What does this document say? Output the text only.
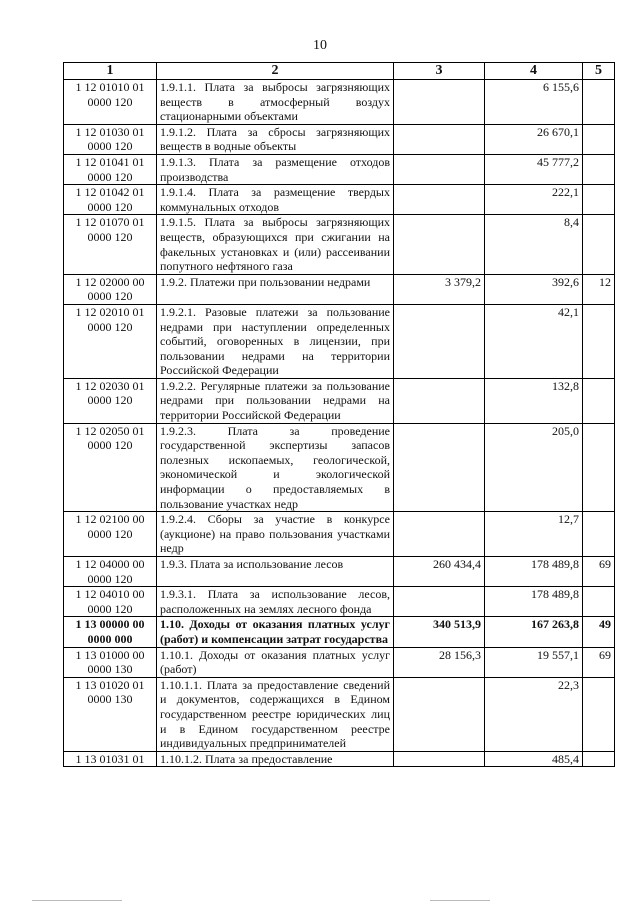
10
1	2	3	4	5

1 12 01010 01
0000 120	1.9.1.1. Плата за выбросы загрязняющих веществ в атмосферный воздух стационарными объектами		6 155,6	

1 12 01030 01
0000 120	1.9.1.2. Плата за сбросы загрязняющих веществ в водные объекты		26 670,1	

1 12 01041 01
0000 120	1.9.1.3. Плата за размещение отходов производства		45 777,2	

1 12 01042 01
0000 120	1.9.1.4. Плата за размещение твердых коммунальных отходов		222,1	

1 12 01070 01
0000 120	1.9.1.5. Плата за выбросы загрязняющих веществ, образующихся при сжигании на факельных установках и (или) рассеивании попутного нефтяного газа		8,4	

1 12 02000 00
0000 120	1.9.2. Платежи при пользовании недрами	3 379,2	392,6	12

1 12 02010 01
0000 120	1.9.2.1. Разовые платежи за пользование недрами при наступлении определенных событий, оговоренных в лицензии, при пользовании недрами на территории Российской Федерации		42,1	

1 12 02030 01
0000 120	1.9.2.2. Регулярные платежи за пользование недрами при пользовании недрами на территории Российской Федерации		132,8	

1 12 02050 01
0000 120	1.9.2.3. Плата за проведение государственной экспертизы запасов полезных ископаемых, геологической, экономической и экологической информации о предоставляемых в пользование участках недр		205,0	

1 12 02100 00
0000 120	1.9.2.4. Сборы за участие в конкурсе (аукционе) на право пользования участками недр		12,7	

1 12 04000 00
0000 120	1.9.3. Плата за использование лесов	260 434,4	178 489,8	69

1 12 04010 00
0000 120	1.9.3.1. Плата за использование лесов, расположенных на землях лесного фонда		178 489,8	

1 13 00000 00
0000 000	1.10. Доходы от оказания платных услуг (работ) и компенсации затрат государства	340 513,9	167 263,8	49

1 13 01000 00
0000 130	1.10.1. Доходы от оказания платных услуг (работ)	28 156,3	19 557,1	69

1 13 01020 01
0000 130	1.10.1.1. Плата за предоставление сведений и документов, содержащихся в Едином государственном реестре юридических лиц и в Едином государственном реестре индивидуальных предпринимателей		22,3	

1 13 01031 01	1.10.1.2. Плата за предоставление		485,4	
